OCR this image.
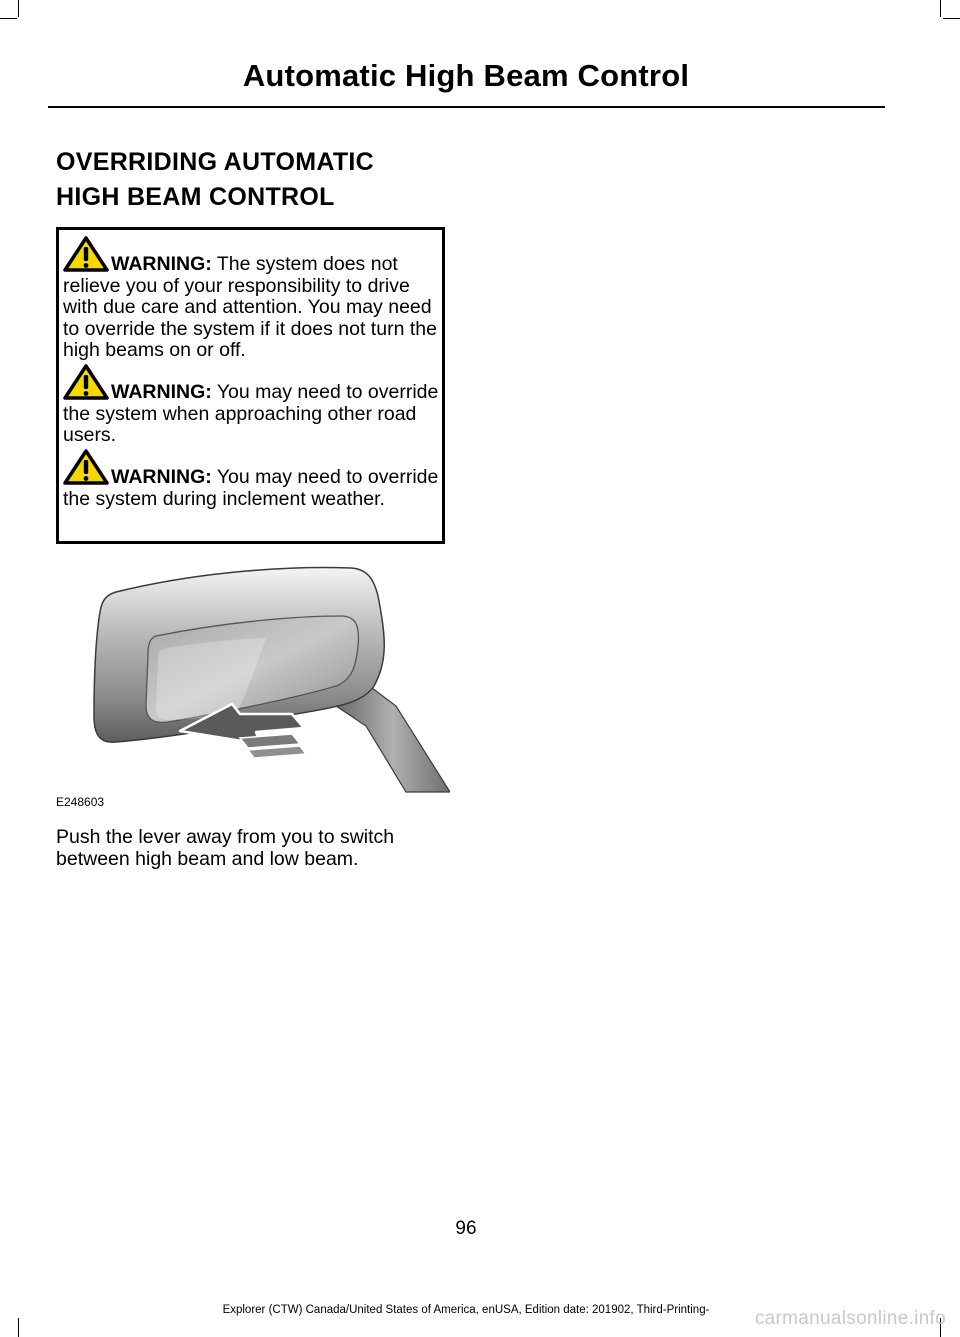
Automatic High Beam Control
OVERRIDING AUTOMATIC
HIGH BEAM CONTROL
WARNING: The system does not relieve you of your responsibility to drive with due care and attention. You may need to override the system if it does not turn the high beams on or off.
WARNING: You may need to override the system when approaching other road users.
WARNING: You may need to override the system during inclement weather.
E248603

Push the lever away from you to switch between high beam and low beam.

96
Explorer (CTW) Canada/United States of America, enUSA, Edition date: 201902, Third-Printing-	carmanualsonline.info
